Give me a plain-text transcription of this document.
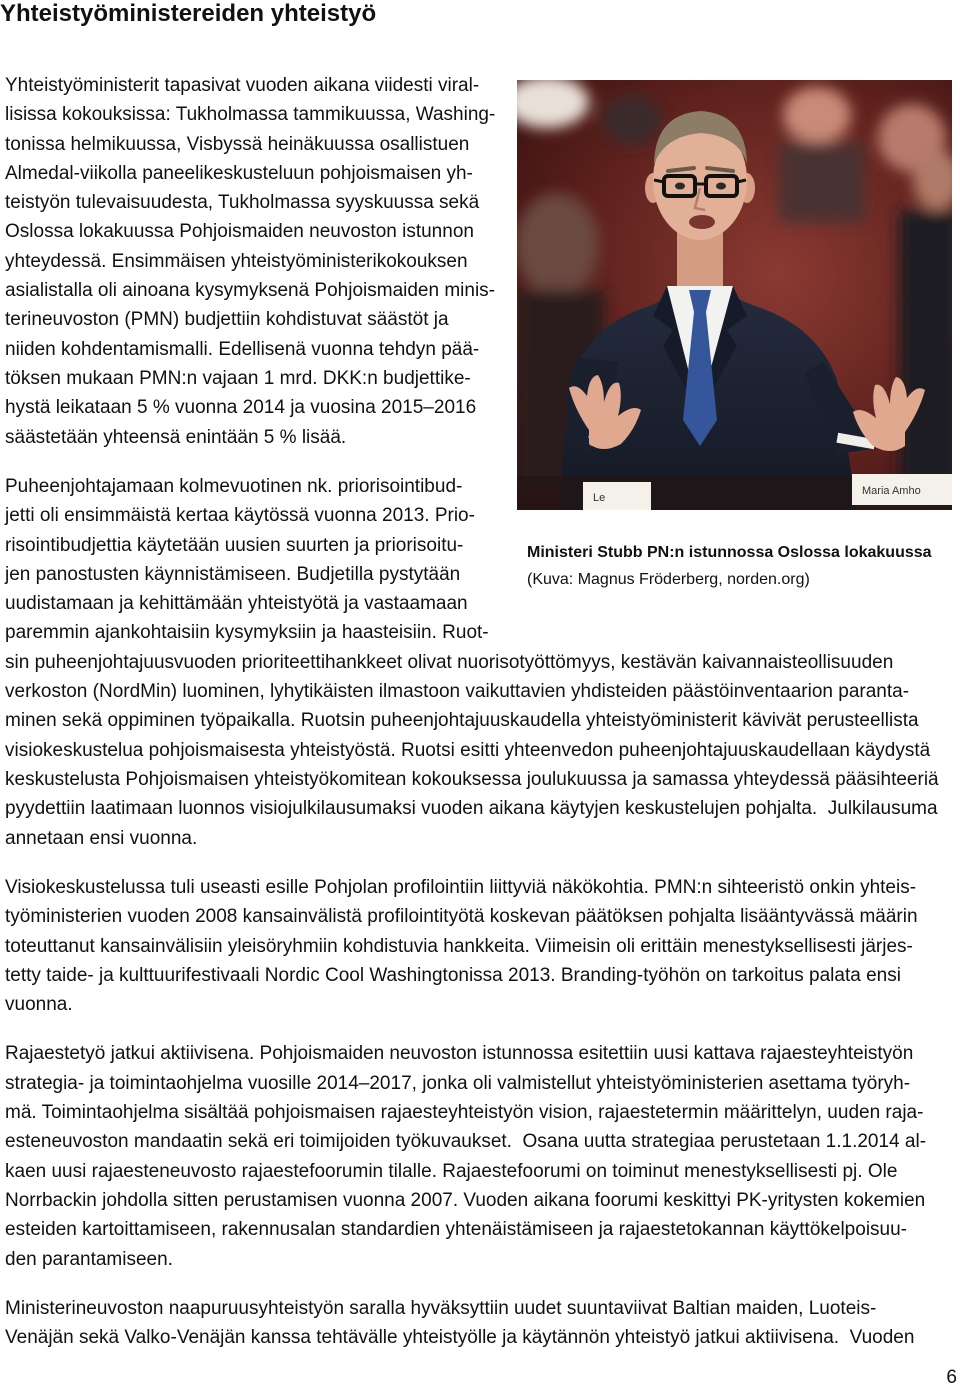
Yhteistyöministereiden yhteistyö

Yhteistyöministerit tapasivat vuoden aikana viidesti viral-
lisissa kokouksissa: Tukholmassa tammikuussa, Washing-
tonissa helmikuussa, Visbyssä heinäkuussa osallistuen
Almedal-viikolla paneelikeskusteluun pohjoismaisen yh-
teistyön tulevaisuudesta, Tukholmassa syyskuussa sekä
Oslossa lokakuussa Pohjoismaiden neuvoston istunnon
yhteydessä. Ensimmäisen yhteistyöministerikokouksen
asialistalla oli ainoana kysymyksenä Pohjoismaiden minis-
terineuvoston (PMN) budjettiin kohdistuvat säästöt ja
niiden kohdentamismalli. Edellisenä vuonna tehdyn pää-
töksen mukaan PMN:n vajaan 1 mrd. DKK:n budjettike-
hystä leikataan 5 % vuonna 2014 ja vuosina 2015–2016
säästetään yhteensä enintään 5 % lisää.

Puheenjohtajamaan kolmevuotinen nk. priorisointibud-
jetti oli ensimmäistä kertaa käytössä vuonna 2013. Prio-
risointibudjettia käytetään uusien suurten ja priorisoitu-
jen panostusten käynnistämiseen. Budjetilla pystytään
uudistamaan ja kehittämään yhteistyötä ja vastaamaan
paremmin ajankohtaisiin kysymyksiin ja haasteisiin. Ruot-
sin puheenjohtajuusvuoden prioriteettihankkeet olivat nuorisotyöttömyys, kestävän kaivannaisteollisuuden
verkoston (NordMin) luominen, lyhytikäisten ilmastoon vaikuttavien yhdisteiden päästöinventaarion paranta-
minen sekä oppiminen työpaikalla. Ruotsin puheenjohtajuuskaudella yhteistyöministerit kävivät perusteellista
visiokeskustelua pohjoismaisesta yhteistyöstä. Ruotsi esitti yhteenvedon puheenjohtajuuskaudellaan käydystä
keskustelusta Pohjoismaisen yhteistyökomitean kokouksessa joulukuussa ja samassa yhteydessä pääsihteeriä
pyydettiin laatimaan luonnos visiojulkilausumaksi vuoden aikana käytyjen keskustelujen pohjalta.  Julkilausuma
annetaan ensi vuonna.

Visiokeskustelussa tuli useasti esille Pohjolan profilointiin liittyviä näkökohtia. PMN:n sihteeristö onkin yhteis-
työministerien vuoden 2008 kansainvälistä profilointityötä koskevan päätöksen pohjalta lisääntyvässä määrin
toteuttanut kansainvälisiin yleisöryhmiin kohdistuvia hankkeita. Viimeisin oli erittäin menestyksellisesti järjes-
tetty taide- ja kulttuurifestivaali Nordic Cool Washingtonissa 2013. Branding-työhön on tarkoitus palata ensi
vuonna.

Rajaestetyö jatkui aktiivisena. Pohjoismaiden neuvoston istunnossa esitettiin uusi kattava rajaesteyhteistyön
strategia- ja toimintaohjelma vuosille 2014–2017, jonka oli valmistellut yhteistyöministerien asettama työryh-
mä. Toimintaohjelma sisältää pohjoismaisen rajaesteyhteistyön vision, rajaestetermin määrittelyn, uuden raja-
esteneuvoston mandaatin sekä eri toimijoiden työkuvaukset.  Osana uutta strategiaa perustetaan 1.1.2014 al-
kaen uusi rajaesteneuvosto rajaestefoorumin tilalle. Rajaestefoorumi on toiminut menestyksellisesti pj. Ole
Norrbackin johdolla sitten perustamisen vuonna 2007. Vuoden aikana foorumi keskittyi PK-yritysten kokemien
esteiden kartoittamiseen, rakennusalan standardien yhtenäistämiseen ja rajaestetokannan käyttökelpoisuu-
den parantamiseen.

Ministerineuvoston naapuruusyhteistyön saralla hyväksyttiin uudet suuntaviivat Baltian maiden, Luoteis-
Venäjän sekä Valko-Venäjän kanssa tehtävälle yhteistyölle ja käytännön yhteistyö jatkui aktiivisena.  Vuoden

Le
Maria Amho
Ministeri Stubb PN:n istunnossa Oslossa lokakuussa
(Kuva: Magnus Fröderberg, norden.org)
6
